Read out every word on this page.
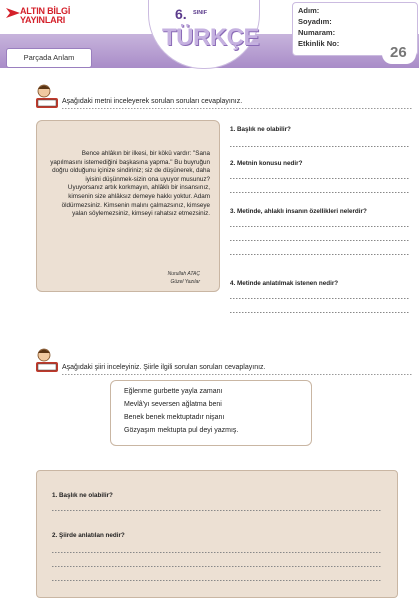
ALTIN BİLGİ
YAYINLARI
Parçada Anlam
6. SINIF
TÜRKÇE
Adım:
Soyadım:
Numaram:
Etkinlik No:
26
Aşağıdaki metni inceleyerek sorulan soruları cevaplayınız.
Bence ahlâkın bir ilkesi, bir kökü vardır: "Sana yapılmasını istemediğini başkasına yapma." Bu buyruğun doğru olduğunu içinize sindiriniz; siz de düşünerek, daha iyisini düşünmek-sizin ona uyuyor musunuz? Uyuyorsanız artık korkmayın, ahlâklı bir insansınız, kimsenin size ahlâksız demeye hakkı yoktur. Adam öldürmezsiniz. Kimsenin malını çalmazsınız, kimseye yalan söylemezsiniz, kimseyi rahatsız etmezsiniz.
Nurullah ATAÇ
Güzel Yazılar
1. Başlık ne olabilir?
2. Metnin konusu nedir?
3. Metinde, ahlaklı insanın özellikleri nelerdir?
4. Metinde anlatılmak istenen nedir?
Aşağıdaki şiiri inceleyiniz. Şiirle ilgili sorulan soruları cevaplayınız.
Eğlenme gurbette yayla zamanı
Mevlâ'yı seversen ağlatma beni
Benek benek mektuptadır nişanı
Gözyaşım mektupta pul deyi yazmış.
1. Başlık ne olabilir?
2. Şiirde anlatılan nedir?
